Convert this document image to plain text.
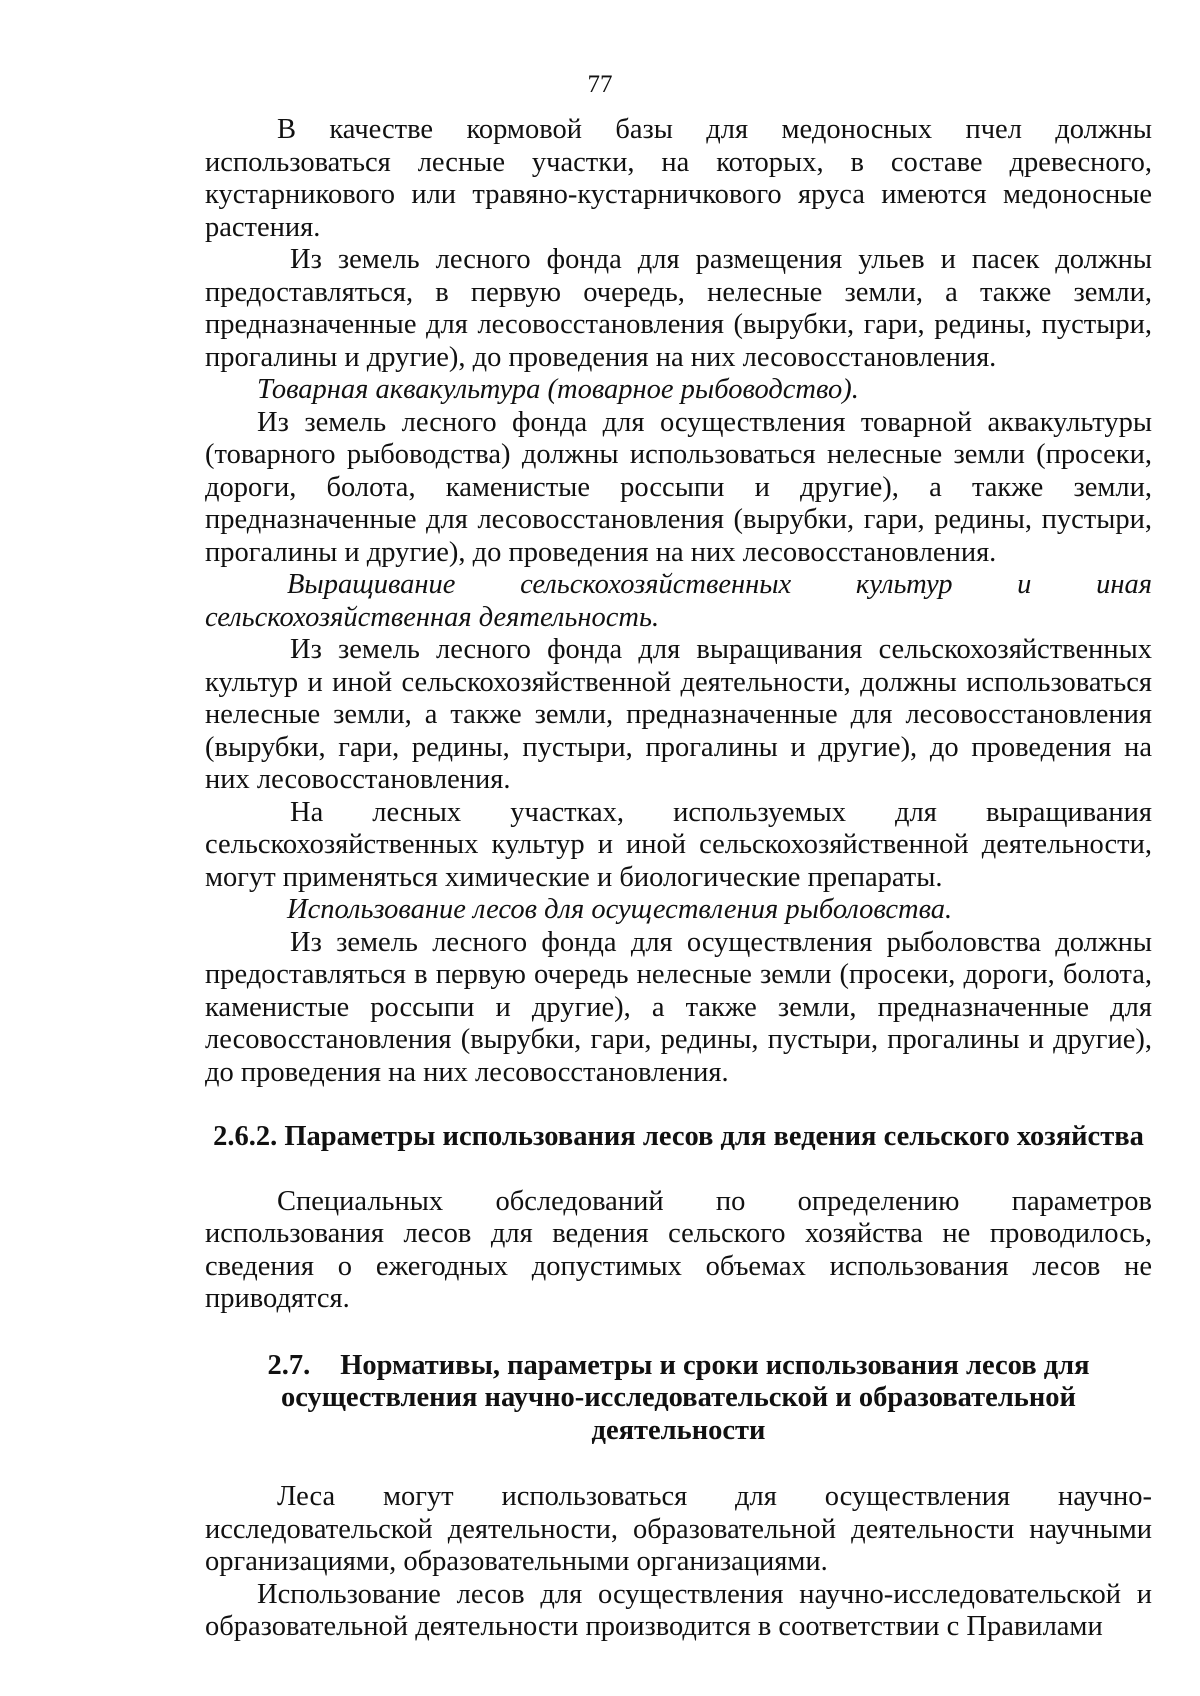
77

В качестве кормовой базы для медоносных пчел должны использоваться лесные участки, на которых, в составе древесного, кустарникового или травяно-кустарничкового яруса имеются медоносные растения.

Из земель лесного фонда для размещения ульев и пасек должны предоставляться, в первую очередь, нелесные земли, а также земли, предназначенные для лесовосстановления (вырубки, гари, редины, пустыри, прогалины и другие), до проведения на них лесовосстановления.

Товарная аквакультура (товарное рыбоводство).

Из земель лесного фонда для осуществления товарной аквакультуры (товарного рыбоводства) должны использоваться нелесные земли (просеки, дороги, болота, каменистые россыпи и другие), а также земли, предназначенные для лесовосстановления (вырубки, гари, редины, пустыри, прогалины и другие), до проведения на них лесовосстановления.

Выращивание сельскохозяйственных культур и иная

сельскохозяйственная деятельность.

Из земель лесного фонда для выращивания сельскохозяйственных культур и иной сельскохозяйственной деятельности, должны использоваться нелесные земли, а также земли, предназначенные для лесовосстановления (вырубки, гари, редины, пустыри, прогалины и другие), до проведения на них лесовосстановления.

На лесных участках, используемых для выращивания сельскохозяйственных культур и иной сельскохозяйственной деятельности, могут применяться химические и биологические препараты.

Использование лесов для осуществления рыболовства.

Из земель лесного фонда для осуществления рыболовства должны предоставляться в первую очередь нелесные земли (просеки, дороги, болота, каменистые россыпи и другие), а также земли, предназначенные для лесовосстановления (вырубки, гари, редины, пустыри, прогалины и другие), до проведения на них лесовосстановления.

2.6.2. Параметры использования лесов для ведения сельского хозяйства

Специальных обследований по определению параметров использования лесов для ведения сельского хозяйства не проводилось, сведения о ежегодных допустимых объемах использования лесов не приводятся.

2.7. Нормативы, параметры и сроки использования лесов для осуществления научно-исследовательской и образовательной деятельности

Леса могут использоваться для осуществления научно-исследовательской деятельности, образовательной деятельности научными организациями, образовательными организациями.

Использование лесов для осуществления научно-исследовательской и образовательной деятельности производится в соответствии с Правилами
